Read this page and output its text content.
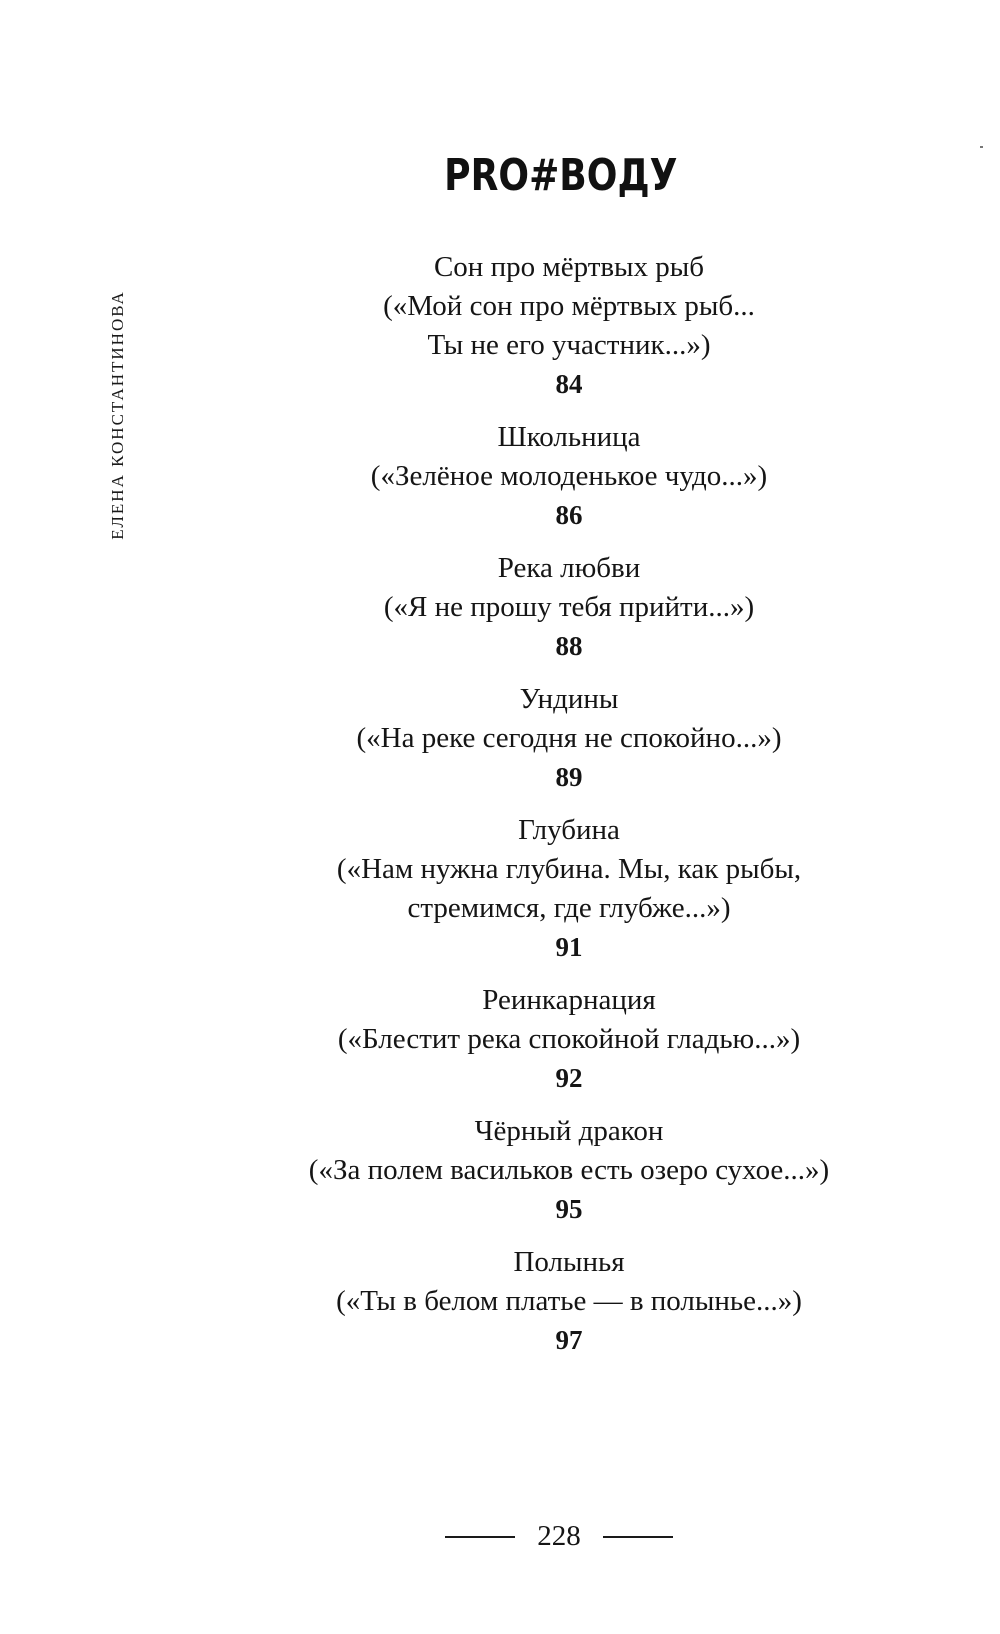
PRO#ВОДУ
ЕЛЕНА КОНСТАНТИНОВА
Сон про мёртвых рыб
(«Мой сон про мёртвых рыб...
Ты не его участник...»)
84
Школьница
(«Зелёное молоденькое чудо...»)
86
Река любви
(«Я не прошу тебя прийти...»)
88
Ундины
(«На реке сегодня не спокойно...»)
89
Глубина
(«Нам нужна глубина. Мы, как рыбы,
стремимся, где глубже...»)
91
Реинкарнация
(«Блестит река спокойной гладью...»)
92
Чёрный дракон
(«За полем васильков есть озеро сухое...»)
95
Полынья
(«Ты в белом платье — в полынье...»)
97
228
